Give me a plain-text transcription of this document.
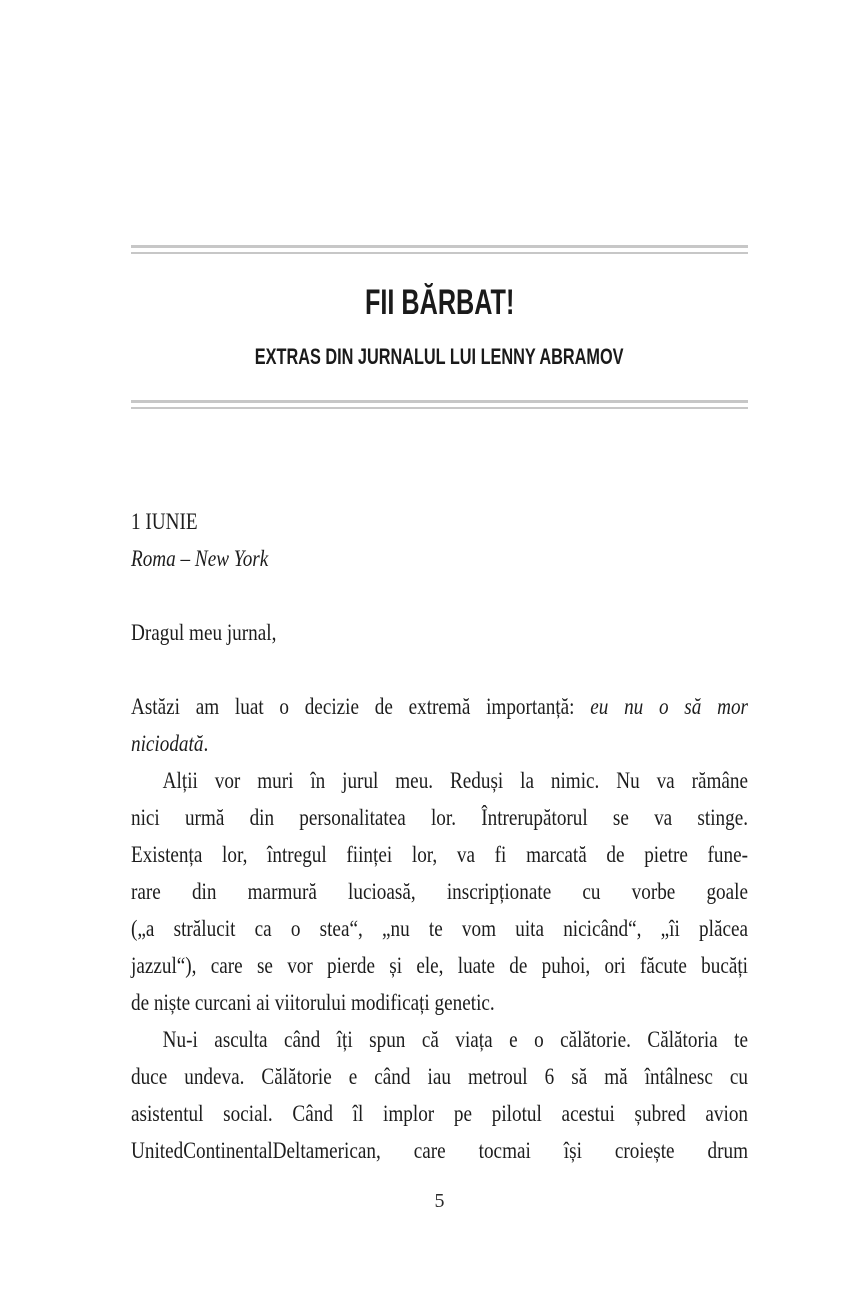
FII BĂRBAT!
EXTRAS DIN JURNALUL LUI LENNY ABRAMOV
1 IUNIE
Roma – New York
Dragul meu jurnal,
Astăzi am luat o decizie de extremă importanță: eu nu o să mor
niciodată.
Alții vor muri în jurul meu. Reduși la nimic. Nu va rămâne
nici urmă din personalitatea lor. Întrerupătorul se va stinge.
Existența lor, întregul ființei lor, va fi marcată de pietre fune-
rare din marmură lucioasă, inscripționate cu vorbe goale
(„a strălucit ca o stea“, „nu te vom uita nicicând“, „îi plăcea
jazzul“), care se vor pierde și ele, luate de puhoi, ori făcute bucăți
de niște curcani ai viitorului modificați genetic.
Nu-i asculta când îți spun că viața e o călătorie. Călătoria te
duce undeva. Călătorie e când iau metroul 6 să mă întâlnesc cu
asistentul social. Când îl implor pe pilotul acestui șubred avion
UnitedContinentalDeltamerican, care tocmai își croiește drum
5
